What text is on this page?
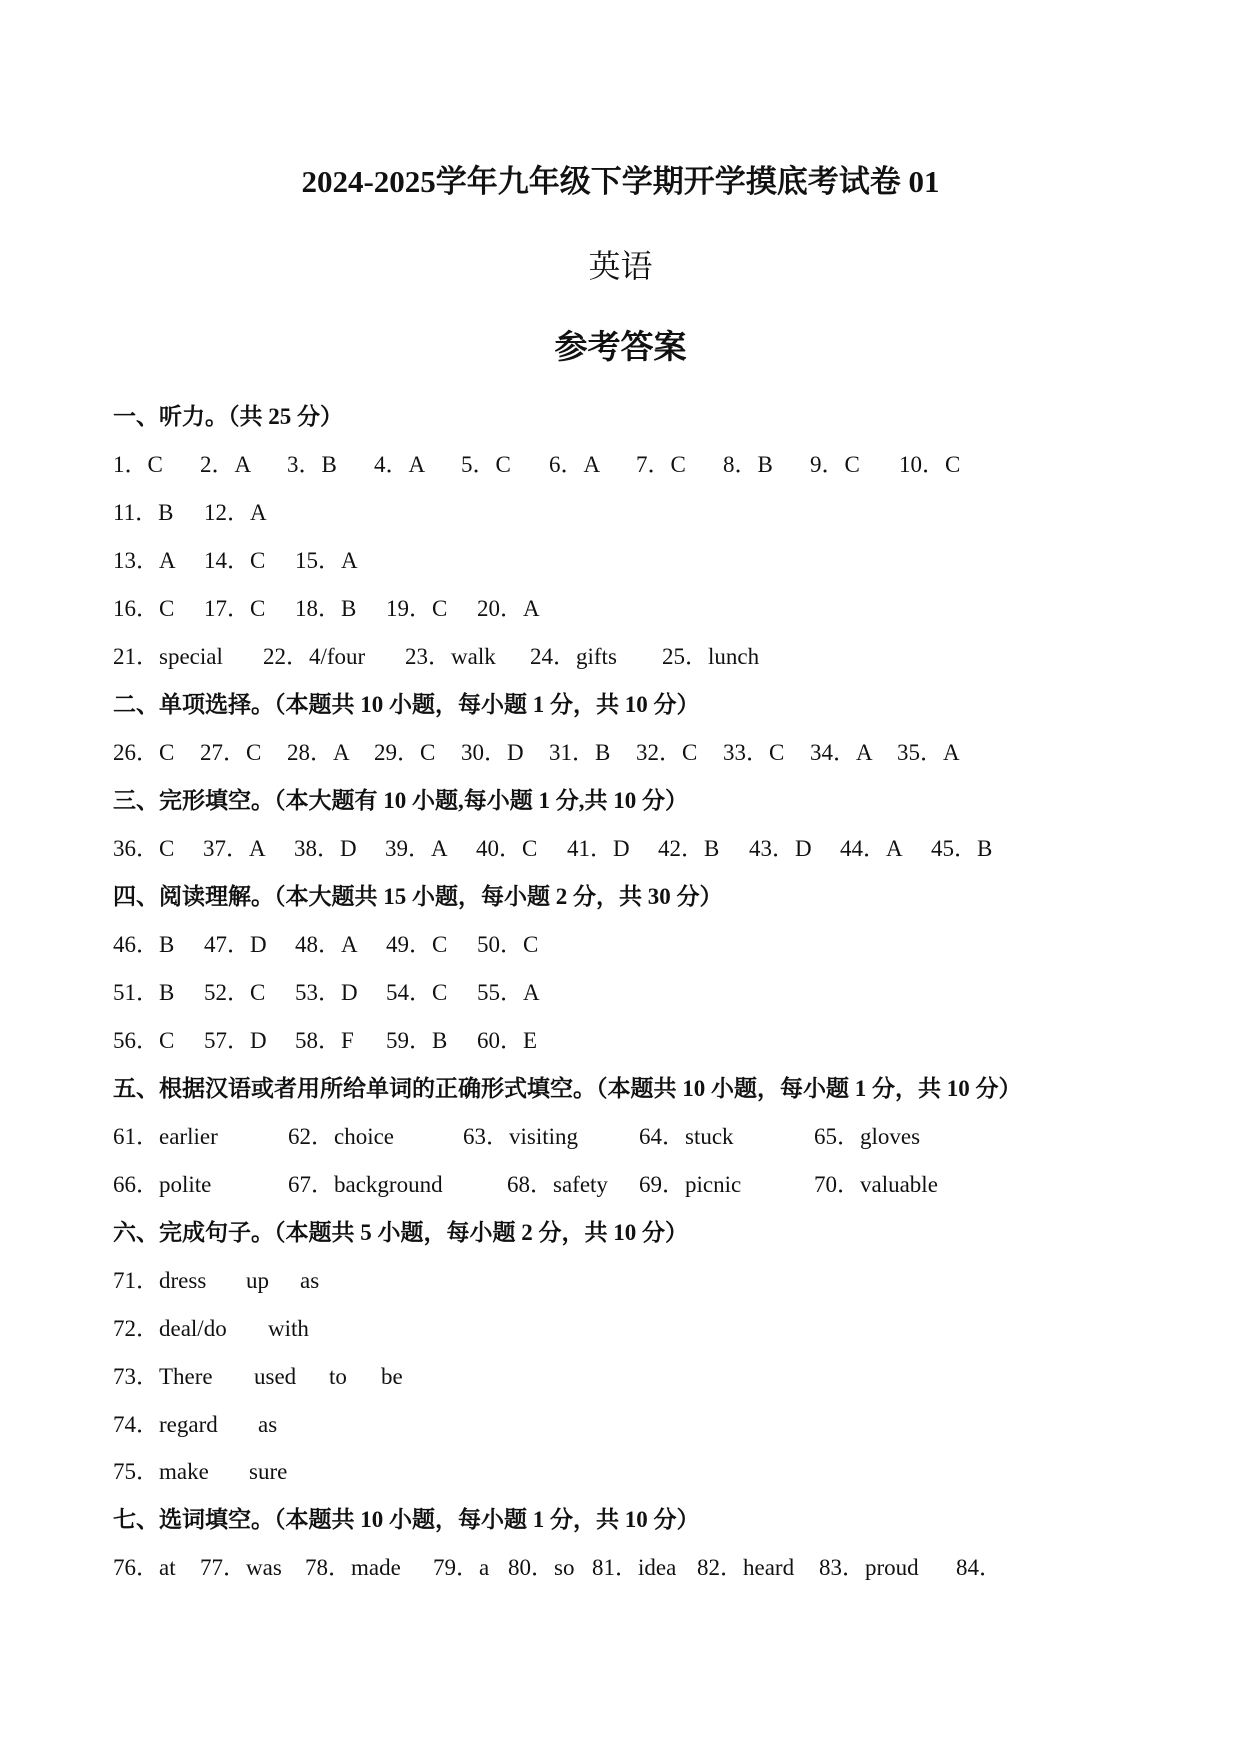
2024-2025学年九年级下学期开学摸底考试卷 01
英语
参考答案
一、听力。（共 25 分）
1．C 2．A 3．B 4．A 5．C 6．A 7．C 8．B 9．C 10．C
11．B 12．A
13．A 14．C 15．A
16．C 17．C 18．B 19．C 20．A
21．special 22．4/four 23．walk 24．gifts 25．lunch
二、单项选择。（本题共 10 小题，每小题 1 分，共 10 分）
26．C 27．C 28．A 29．C 30．D 31．B 32．C 33．C 34．A 35．A
三、完形填空。（本大题有 10 小题,每小题 1 分,共 10 分）
36．C 37．A 38．D 39．A 40．C 41．D 42．B 43．D 44．A 45．B
四、阅读理解。（本大题共 15 小题，每小题 2 分，共 30 分）
46．B 47．D 48．A 49．C 50．C
51．B 52．C 53．D 54．C 55．A
56．C 57．D 58．F 59．B 60．E
五、根据汉语或者用所给单词的正确形式填空。（本题共 10 小题，每小题 1 分，共 10 分）
61．earlier	62．choice	63．visiting	64．stuck	65．gloves
66．polite	67．background	68．safety 69．picnic	70．valuable
六、完成句子。（本题共 5 小题，每小题 2 分，共 10 分）
71．dress up as
72．deal/do with
73．There used to be
74．regard as
75．make sure
七、选词填空。（本题共 10 小题，每小题 1 分，共 10 分）
76．at 77．was 78．made 79．a 80．so 81．idea 82．heard 83．proud 84．
